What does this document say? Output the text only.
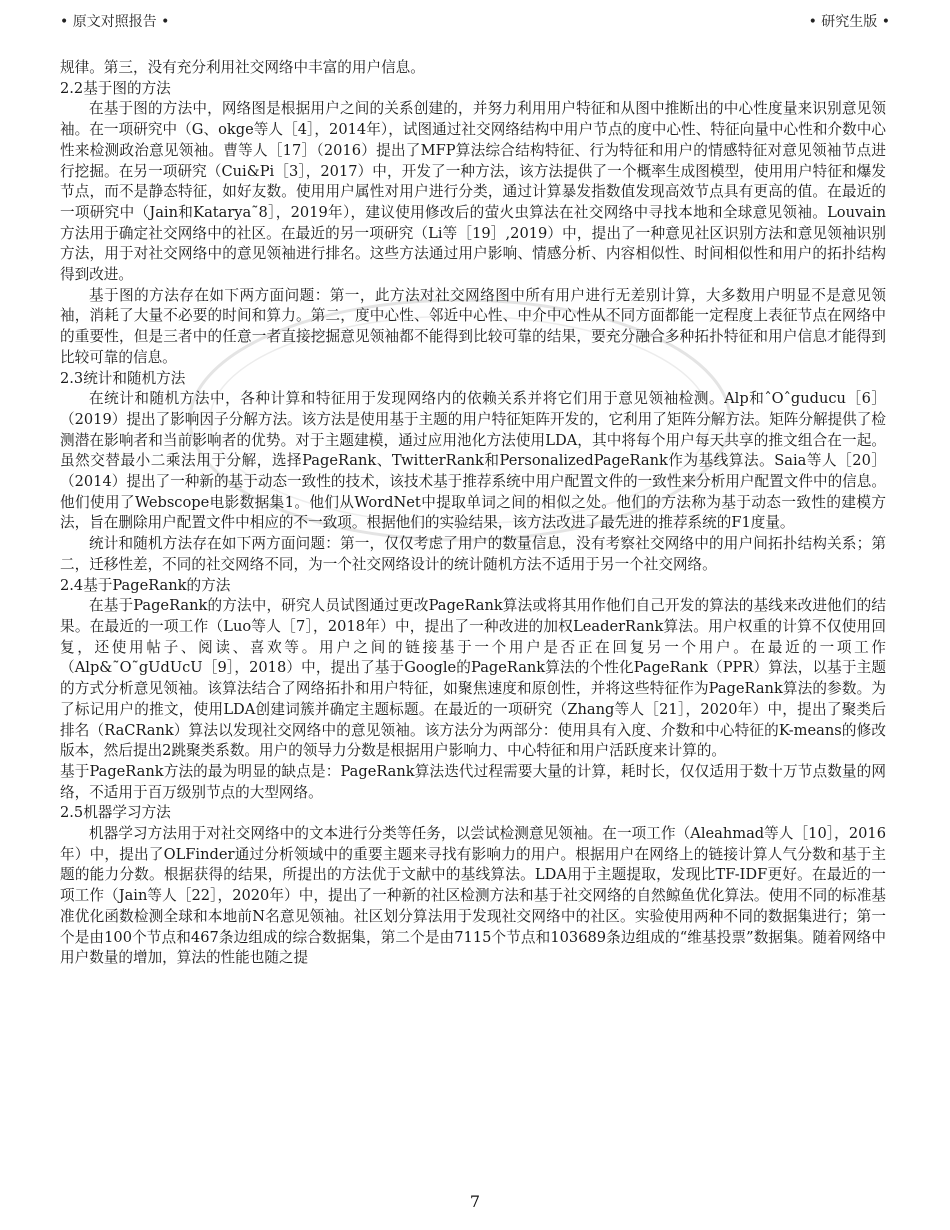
• 原文对照报告 •	• 研究生版 •

规律。第三，没有充分利用社交网络中丰富的用户信息。

2.2基于图的方法

在基于图的方法中，网络图是根据用户之间的关系创建的，并努力利用用户特征和从图中推断出的中心性度量来识别意见领袖。在一项研究中（G、okge等人［4］，2014年），试图通过社交网络结构中用户节点的度中心性、特征向量中心性和介数中心性来检测政治意见领袖。曹等人［17］（2016）提出了MFP算法综合结构特征、行为特征和用户的情感特征对意见领袖节点进行挖掘。在另一项研究（Cui&Pi［3］，2017）中，开发了一种方法，该方法提供了一个概率生成图模型，使用用户特征和爆发节点，而不是静态特征，如好友数。使用用户属性对用户进行分类，通过计算暴发指数值发现高效节点具有更高的值。在最近的一项研究中（Jain和Katarya˜8］，2019年），建议使用修改后的萤火虫算法在社交网络中寻找本地和全球意见领袖。Louvain方法用于确定社交网络中的社区。在最近的另一项研究（Li等［19］,2019）中，提出了一种意见社区识别方法和意见领袖识别方法，用于对社交网络中的意见领袖进行排名。这些方法通过用户影响、情感分析、内容相似性、时间相似性和用户的拓扑结构得到改进。

基于图的方法存在如下两方面问题：第一，此方法对社交网络图中所有用户进行无差别计算，大多数用户明显不是意见领袖，消耗了大量不必要的时间和算力。第二，度中心性、邻近中心性、中介中心性从不同方面都能一定程度上表征节点在网络中的重要性，但是三者中的任意一者直接挖掘意见领袖都不能得到比较可靠的结果，要充分融合多种拓扑特征和用户信息才能得到比较可靠的信息。

2.3统计和随机方法

在统计和随机方法中，各种计算和特征用于发现网络内的依赖关系并将它们用于意见领袖检测。Alp和ˆOˆguducu［6］（2019）提出了影响因子分解方法。该方法是使用基于主题的用户特征矩阵开发的，它利用了矩阵分解方法。矩阵分解提供了检测潜在影响者和当前影响者的优势。对于主题建模，通过应用池化方法使用LDA，其中将每个用户每天共享的推文组合在一起。虽然交替最小二乘法用于分解，选择PageRank、TwitterRank和PersonalizedPageRank作为基线算法。Saia等人［20］（2014）提出了一种新的基于动态一致性的技术，该技术基于推荐系统中用户配置文件的一致性来分析用户配置文件中的信息。他们使用了Webscope电影数据集1。他们从WordNet中提取单词之间的相似之处。他们的方法称为基于动态一致性的建模方法，旨在删除用户配置文件中相应的不一致项。根据他们的实验结果，该方法改进了最先进的推荐系统的F1度量。

统计和随机方法存在如下两方面问题：第一，仅仅考虑了用户的数量信息，没有考察社交网络中的用户间拓扑结构关系；第二，迁移性差，不同的社交网络不同，为一个社交网络设计的统计随机方法不适用于另一个社交网络。

2.4基于PageRank的方法

在基于PageRank的方法中，研究人员试图通过更改PageRank算法或将其用作他们自己开发的算法的基线来改进他们的结果。在最近的一项工作（Luo等人［7］，2018年）中，提出了一种改进的加权LeaderRank算法。用户权重的计算不仅使用回复，还使用帖子、阅读、喜欢等。用户之间的链接基于一个用户是否正在回复另一个用户。在最近的一项工作（Alp&˜O˜gUdUcU［9］，2018）中，提出了基于Google的PageRank算法的个性化PageRank（PPR）算法，以基于主题的方式分析意见领袖。该算法结合了网络拓扑和用户特征，如聚焦速度和原创性，并将这些特征作为PageRank算法的参数。为了标记用户的推文，使用LDA创建词簇并确定主题标题。在最近的一项研究（Zhang等人［21］，2020年）中，提出了聚类后排名（RaCRank）算法以发现社交网络中的意见领袖。该方法分为两部分：使用具有入度、介数和中心特征的K-means的修改版本，然后提出2跳聚类系数。用户的领导力分数是根据用户影响力、中心特征和用户活跃度来计算的。

基于PageRank方法的最为明显的缺点是：PageRank算法迭代过程需要大量的计算，耗时长，仅仅适用于数十万节点数量的网络，不适用于百万级别节点的大型网络。

2.5机器学习方法

机器学习方法用于对社交网络中的文本进行分类等任务，以尝试检测意见领袖。在一项工作（Aleahmad等人［10］，2016年）中，提出了OLFinder通过分析领域中的重要主题来寻找有影响力的用户。根据用户在网络上的链接计算人气分数和基于主题的能力分数。根据获得的结果，所提出的方法优于文献中的基线算法。LDA用于主题提取，发现比TF-IDF更好。在最近的一项工作（Jain等人［22］，2020年）中，提出了一种新的社区检测方法和基于社交网络的自然鲸鱼优化算法。使用不同的标准基准优化函数检测全球和本地前N名意见领袖。社区划分算法用于发现社交网络中的社区。实验使用两种不同的数据集进行；第一个是由100个节点和467条边组成的综合数据集，第二个是由7115个节点和103689条边组成的“维基投票”数据集。随着网络中用户数量的增加，算法的性能也随之提

7
